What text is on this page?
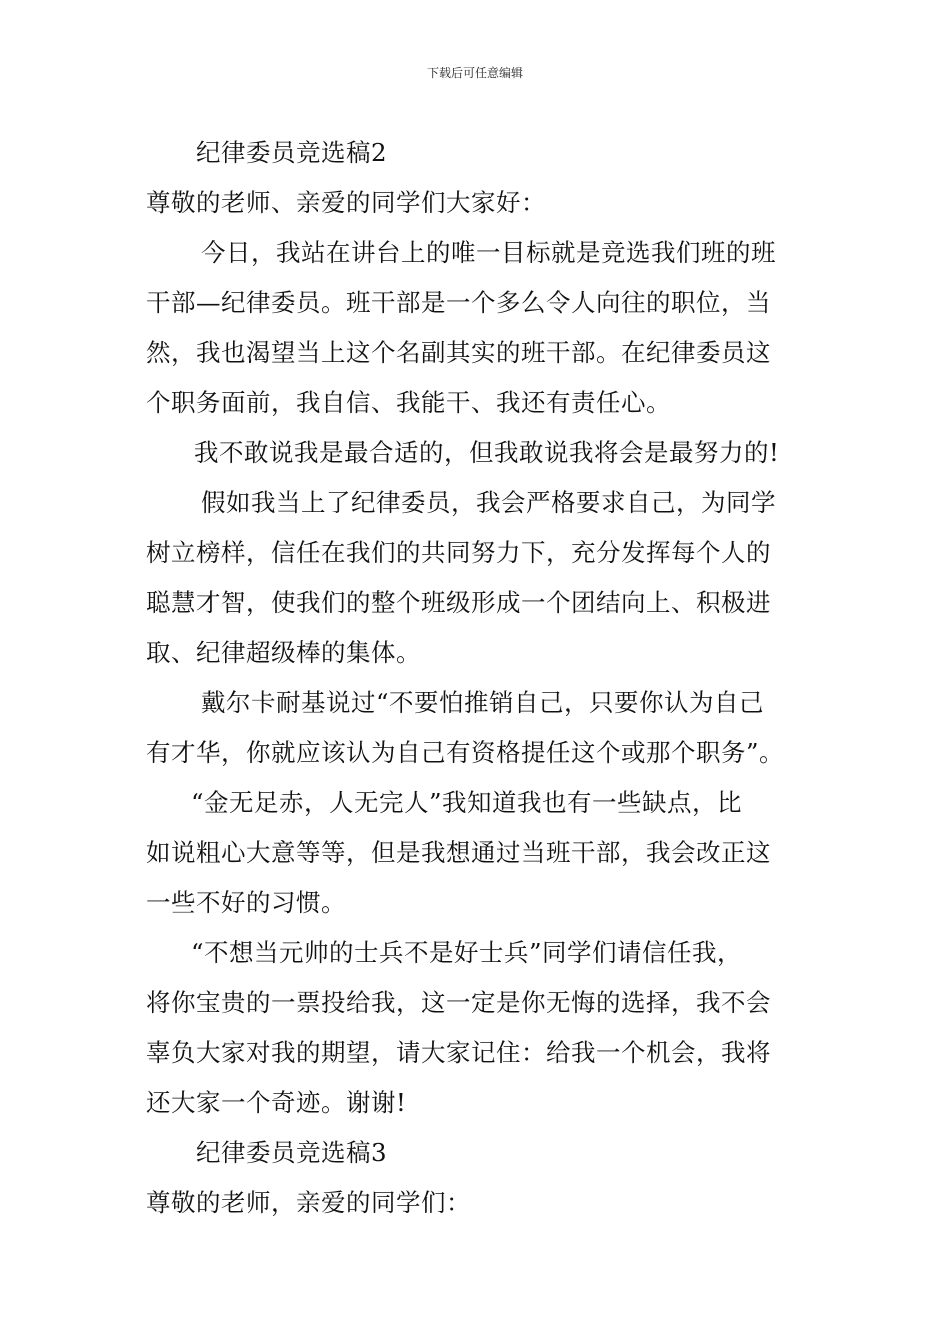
下载后可任意编辑
纪律委员竞选稿2
尊敬的老师、亲爱的同学们大家好：
今日，我站在讲台上的唯一目标就是竞选我们班的班
干部—纪律委员。班干部是一个多么令人向往的职位，当
然，我也渴望当上这个名副其实的班干部。在纪律委员这
个职务面前，我自信、我能干、我还有责任心。
我不敢说我是最合适的，但我敢说我将会是最努力的!
假如我当上了纪律委员，我会严格要求自己，为同学
树立榜样，信任在我们的共同努力下，充分发挥每个人的
聪慧才智，使我们的整个班级形成一个团结向上、积极进
取、纪律超级棒的集体。
戴尔卡耐基说过“不要怕推销自己，只要你认为自己
有才华，你就应该认为自己有资格提任这个或那个职务”。
“金无足赤，人无完人”我知道我也有一些缺点，比
如说粗心大意等等，但是我想通过当班干部，我会改正这
一些不好的习惯。
“不想当元帅的士兵不是好士兵”同学们请信任我，
将你宝贵的一票投给我，这一定是你无悔的选择，我不会
辜负大家对我的期望，请大家记住：给我一个机会，我将
还大家一个奇迹。谢谢!
纪律委员竞选稿3
尊敬的老师，亲爱的同学们：
